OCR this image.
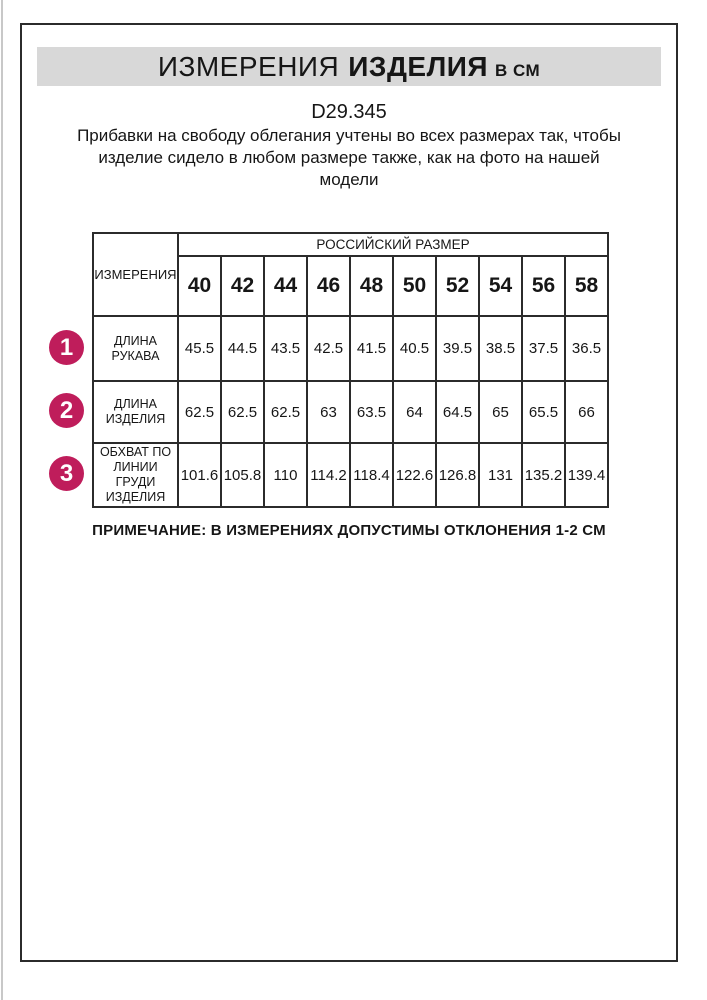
ИЗМЕРЕНИЯ ИЗДЕЛИЯ В СМ
D29.345
Прибавки на свободу облегания учтены во всех размерах так, чтобы
изделие сидело в любом размере также, как на фото на нашей
модели
ИЗМЕРЕНИЯ	РОССИЙСКИЙ РАЗМЕР									
	40	42	44	46	48	50	52	54	56	58
ДЛИНА РУКАВА	45.5	44.5	43.5	42.5	41.5	40.5	39.5	38.5	37.5	36.5
ДЛИНА ИЗДЕЛИЯ	62.5	62.5	62.5	63	63.5	64	64.5	65	65.5	66
ОБХВАТ ПО ЛИНИИ ГРУДИ ИЗДЕЛИЯ	101.6	105.8	110	114.2	118.4	122.6	126.8	131	135.2	139.4
1
2
3
ПРИМЕЧАНИЕ: В ИЗМЕРЕНИЯХ ДОПУСТИМЫ ОТКЛОНЕНИЯ 1-2 СМ
